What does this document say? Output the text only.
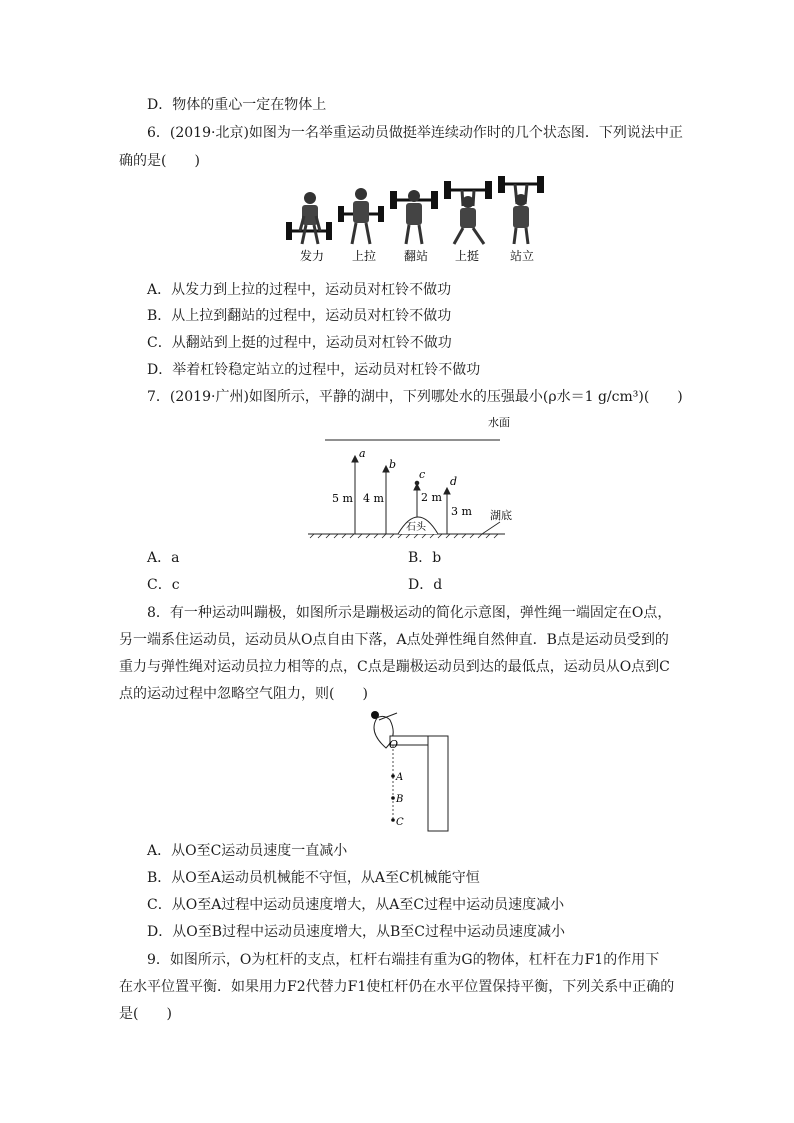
D．物体的重心一定在物体上
6．(2019·北京)如图为一名举重运动员做挺举连续动作时的几个状态图．下列说法中正
确的是(　　)
发力 上拉 翻站 上挺	站立
A．从发力到上拉的过程中，运动员对杠铃不做功
B．从上拉到翻站的过程中，运动员对杠铃不做功
C．从翻站到上挺的过程中，运动员对杠铃不做功
D．举着杠铃稳定站立的过程中，运动员对杠铃不做功
7．(2019·广州)如图所示，平静的湖中，下列哪处水的压强最小(ρ水＝1 g/cm³)(　　)
水面
湖底
石头
a
b
c
d
5 m 4 m	2 m
3 m
A．a	B．b
C．c	D．d
8．有一种运动叫蹦极，如图所示是蹦极运动的简化示意图，弹性绳一端固定在O点，
另一端系住运动员，运动员从O点自由下落，A点处弹性绳自然伸直．B点是运动员受到的
重力与弹性绳对运动员拉力相等的点，C点是蹦极运动员到达的最低点，运动员从O点到C
点的运动过程中忽略空气阻力，则(　　)
O
A
B
C
A．从O至C运动员速度一直减小
B．从O至A运动员机械能不守恒，从A至C机械能守恒
C．从O至A过程中运动员速度增大，从A至C过程中运动员速度减小
D．从O至B过程中运动员速度增大，从B至C过程中运动员速度减小
9．如图所示，O为杠杆的支点，杠杆右端挂有重为G的物体，杠杆在力F1的作用下
在水平位置平衡．如果用力F2代替力F1使杠杆仍在水平位置保持平衡，下列关系中正确的
是(　　)
